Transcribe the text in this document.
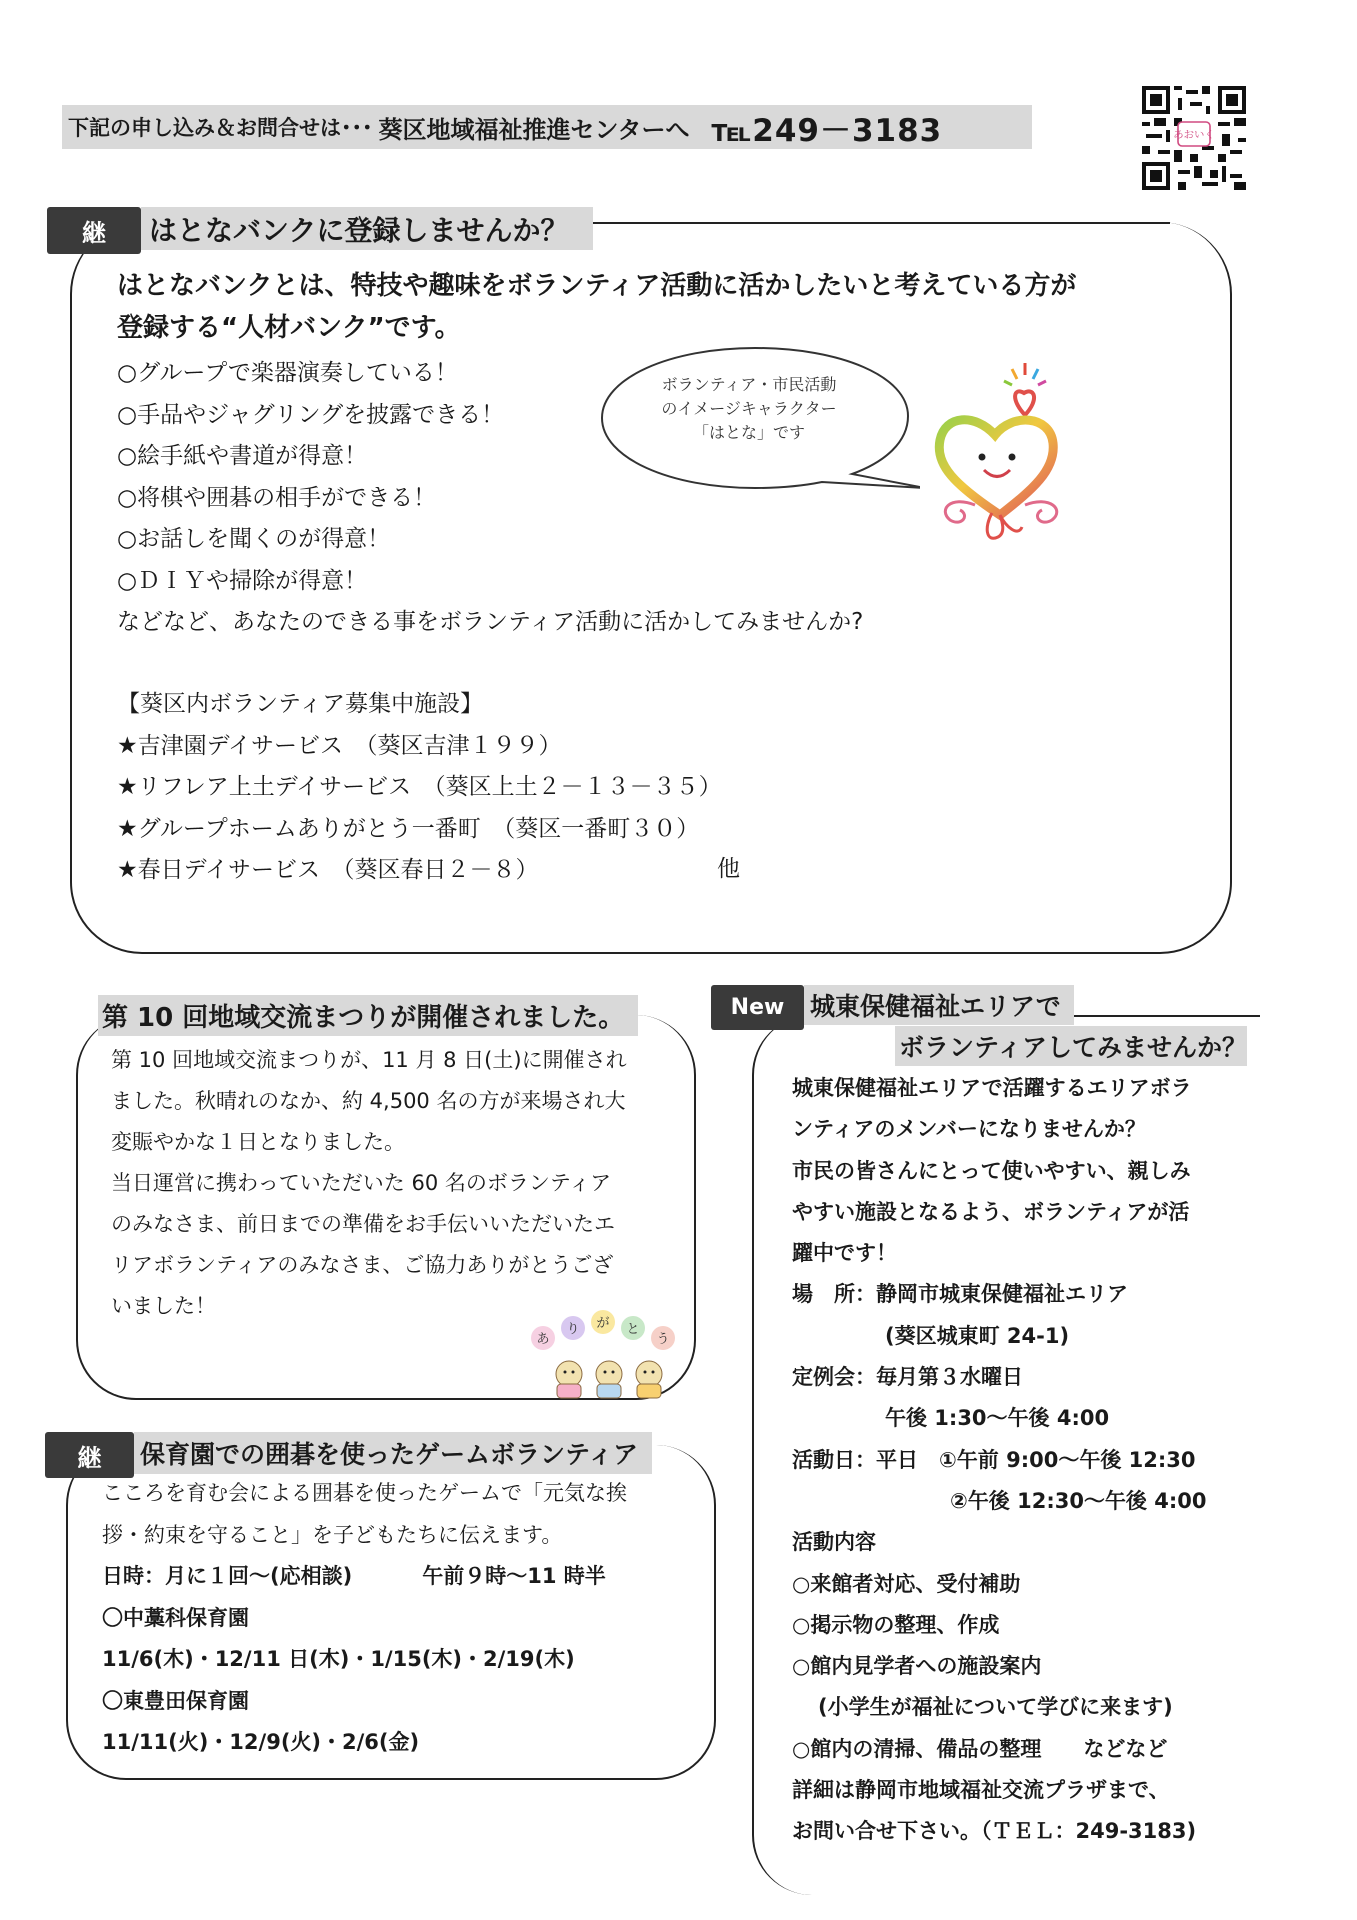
下記の申し込み＆お問合せは･･･ 葵区地域福祉推進センターへ ℡249－3183	あおいく
継	はとなバンクに登録しませんか？
はとなバンクとは、特技や趣味をボランティア活動に活かしたいと考えている方が
登録する“人材バンク”です。
○グループで楽器演奏している！
○手品やジャグリングを披露できる！
○絵手紙や書道が得意！
○将棋や囲碁の相手ができる！
○お話しを聞くのが得意！
○ＤＩＹや掃除が得意！
などなど、あなたのできる事をボランティア活動に活かしてみませんか?
ボランティア・市民活動
のイメージキャラクター
「はとな」です
【葵区内ボランティア募集中施設】
★吉津園デイサービス　（葵区吉津１９９）
★リフレア上土デイサービス　（葵区上土２－１３－３５）
★グループホームありがとう一番町　（葵区一番町３０）
★春日デイサービス　（葵区春日２－８）	他
第 10 回地域交流まつりが開催されました。
第 10 回地域交流まつりが、11 月 8 日(土)に開催され
ました。秋晴れのなか、約 4,500 名の方が来場され大
変賑やかな１日となりました。
当日運営に携わっていただいた 60 名のボランティア
のみなさま、前日までの準備をお手伝いいただいたエ
リアボランティアのみなさま、ご協力ありがとうござ
いました！
あ
り が と
う
継	保育園での囲碁を使ったゲームボランティア
こころを育む会による囲碁を使ったゲームで「元気な挨
拶・約束を守ること」を子どもたちに伝えます。
日時：月に１回～(応相談)	午前９時～11 時半
〇中藁科保育園
11/6(木)・12/11 日(木)・1/15(木)・2/19(木)
〇東豊田保育園
11/11(火)・12/9(火)・2/6(金)
New	城東保健福祉エリアで
ボランティアしてみませんか？
城東保健福祉エリアで活躍するエリアボラ
ンティアのメンバーになりませんか？
市民の皆さんにとって使いやすい、親しみ
やすい施設となるよう、ボランティアが活
躍中です！
場　所：静岡市城東保健福祉エリア
(葵区城東町 24-1)
定例会：毎月第３水曜日
午後 1:30～午後 4:00
活動日：平日　①午前 9:00～午後 12:30
②午後 12:30～午後 4:00
活動内容
○来館者対応、受付補助
○掲示物の整理、作成
○館内見学者への施設案内
(小学生が福祉について学びに来ます)
○館内の清掃、備品の整理　　などなど
詳細は静岡市地域福祉交流プラザまで、
お問い合せ下さい。（ＴＥＬ：249-3183)
